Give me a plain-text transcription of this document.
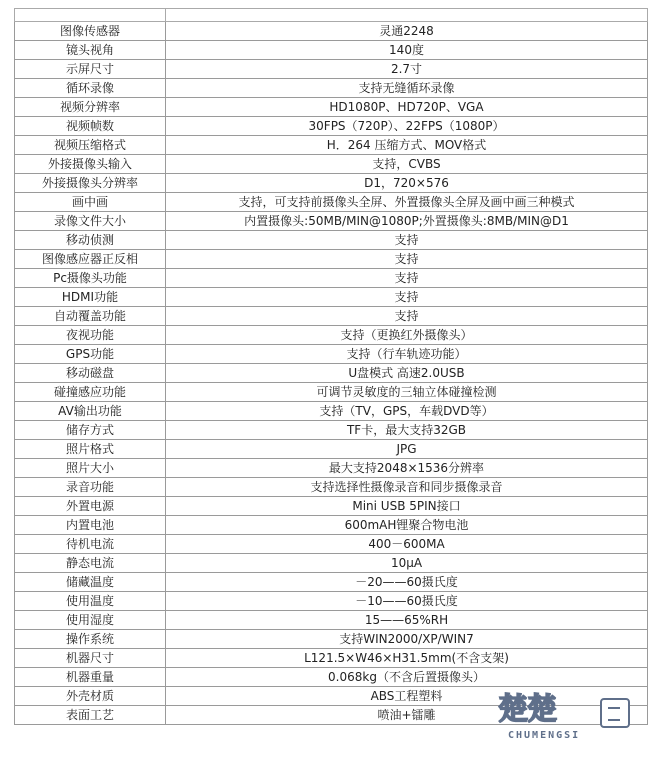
图像传感器	灵通2248
镜头视角	140度
示屏尺寸	2.7寸
循环录像	支持无缝循环录像
视频分辨率	HD1080P、HD720P、VGA
视频帧数	30FPS（720P）、22FPS（1080P）
视频压缩格式	H．264 压缩方式、MOV格式
外接摄像头输入	支持，CVBS
外接摄像头分辨率	D1，720×576
画中画	支持，可支持前摄像头全屏、外置摄像头全屏及画中画三种模式
录像文件大小	内置摄像头:50MB/MIN@1080P;外置摄像头:8MB/MIN@D1
移动侦测	支持
图像感应器正反相	支持
Pc摄像头功能	支持
HDMI功能	支持
自动覆盖功能	支持
夜视功能	支持（更换红外摄像头）
GPS功能	支持（行车轨迹功能）
移动磁盘	U盘模式 高速2.0USB
碰撞感应功能	可调节灵敏度的三轴立体碰撞检测
AV输出功能	支持（TV，GPS，车载DVD等）
储存方式	TF卡，最大支持32GB
照片格式	JPG
照片大小	最大支持2048×1536分辨率
录音功能	支持选择性摄像录音和同步摄像录音
外置电源	Mini USB 5PIN接口
内置电池	600mAH锂聚合物电池
待机电流	400－600MA
静态电流	10μA
储藏温度	－20——60摄氏度
使用温度	－10——60摄氏度
使用湿度	15——65%RH
操作系统	支持WIN2000/XP/WIN7
机器尺寸	L121.5×W46×H31.5mm(不含支架)
机器重量	0.068kg（不含后置摄像头）
外壳材质	ABS工程塑料
表面工艺	喷油+镭雕 楚楚
CHUMENGSI
